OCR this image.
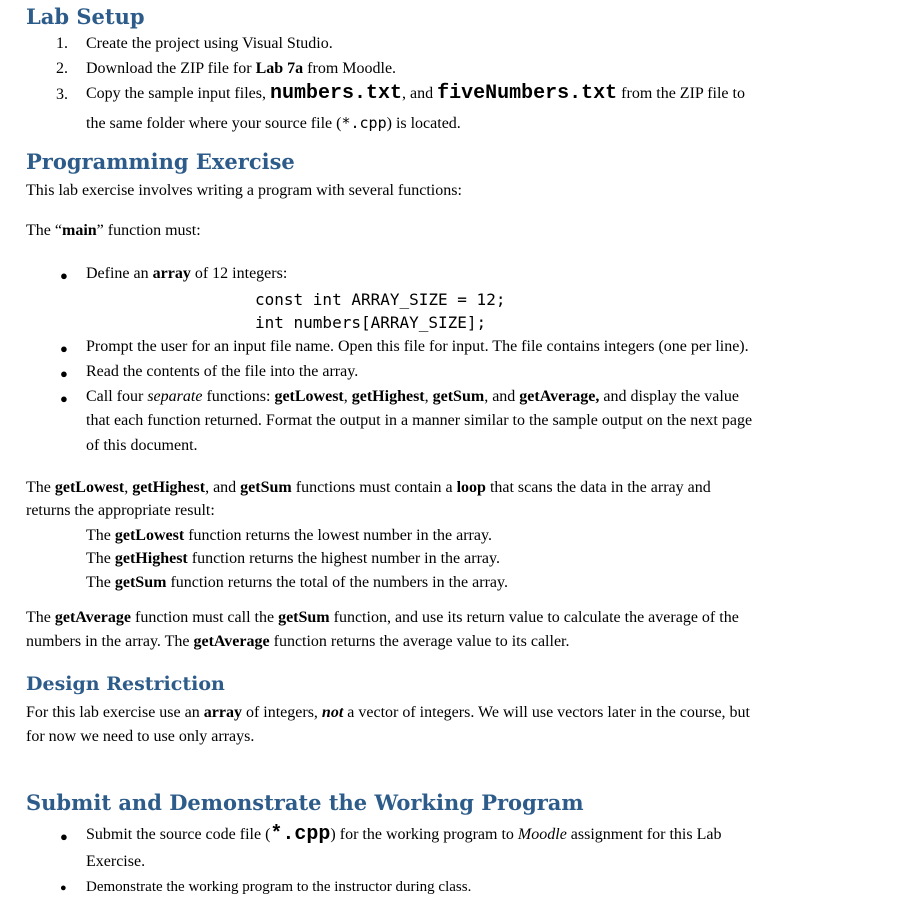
Lab Setup
1. Create the project using Visual Studio.
2. Download the ZIP file for Lab 7a from Moodle.
3. Copy the sample input files, numbers.txt, and fiveNumbers.txt from the ZIP file to
the same folder where your source file (*.cpp) is located.
Programming Exercise
This lab exercise involves writing a program with several functions:
The “main” function must:
● Define an array of 12 integers:
const int ARRAY_SIZE = 12;
int numbers[ARRAY_SIZE];
● Prompt the user for an input file name. Open this file for input. The file contains integers (one per line).
● Read the contents of the file into the array.
● Call four separate functions: getLowest, getHighest, getSum, and getAverage, and display the value
that each function returned. Format the output in a manner similar to the sample output on the next page
of this document.
The getLowest, getHighest, and getSum functions must contain a loop that scans the data in the array and
returns the appropriate result:
The getLowest function returns the lowest number in the array.
The getHighest function returns the highest number in the array.
The getSum function returns the total of the numbers in the array.
The getAverage function must call the getSum function, and use its return value to calculate the average of the
numbers in the array. The getAverage function returns the average value to its caller.
Design Restriction
For this lab exercise use an array of integers, not a vector of integers. We will use vectors later in the course, but
for now we need to use only arrays.
Submit and Demonstrate the Working Program
● Submit the source code file (*.cpp) for the working program to Moodle assignment for this Lab
Exercise.
● Demonstrate the working program to the instructor during class.
